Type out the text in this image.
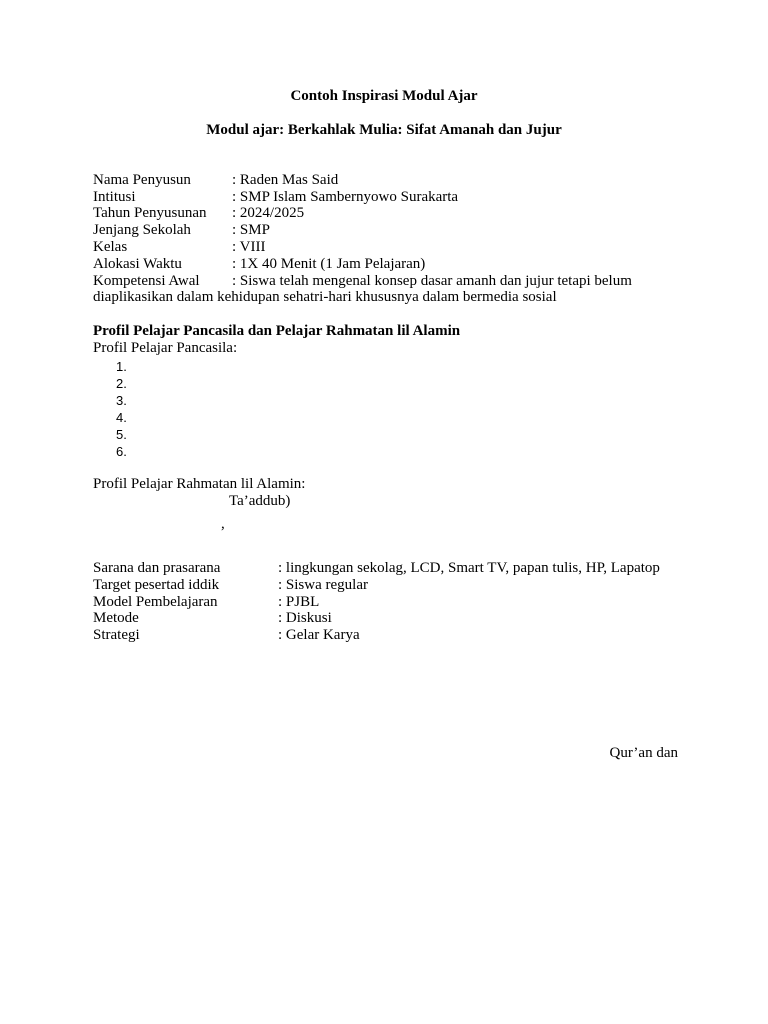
Contoh Inspirasi Modul Ajar
Modul ajar: Berkahlak Mulia: Sifat Amanah dan Jujur
Nama Penyusun	: Raden Mas Said
Intitusi	: SMP Islam Sambernyowo Surakarta
Tahun Penyusunan : 2024/2025
Jenjang Sekolah	: SMP
Kelas	: VIII
Alokasi Waktu	: 1X 40 Menit (1 Jam Pelajaran)
Kompetensi Awal : Siswa telah mengenal konsep dasar amanh dan jujur tetapi belum
diaplikasikan dalam kehidupan sehatri-hari khususnya dalam bermedia sosial
Profil Pelajar Pancasila dan Pelajar Rahmatan lil Alamin
Profil Pelajar Pancasila:
1.
2.
3.
4.
5.
6.
Profil Pelajar Rahmatan lil Alamin:
Ta’addub)
,
Sarana dan prasarana	: lingkungan sekolag, LCD, Smart TV, papan tulis, HP, Lapatop
Target pesertad iddik	: Siswa regular
Model Pembelajaran	: PJBL
Metode	: Diskusi
Strategi	: Gelar Karya
Qur’an dan
